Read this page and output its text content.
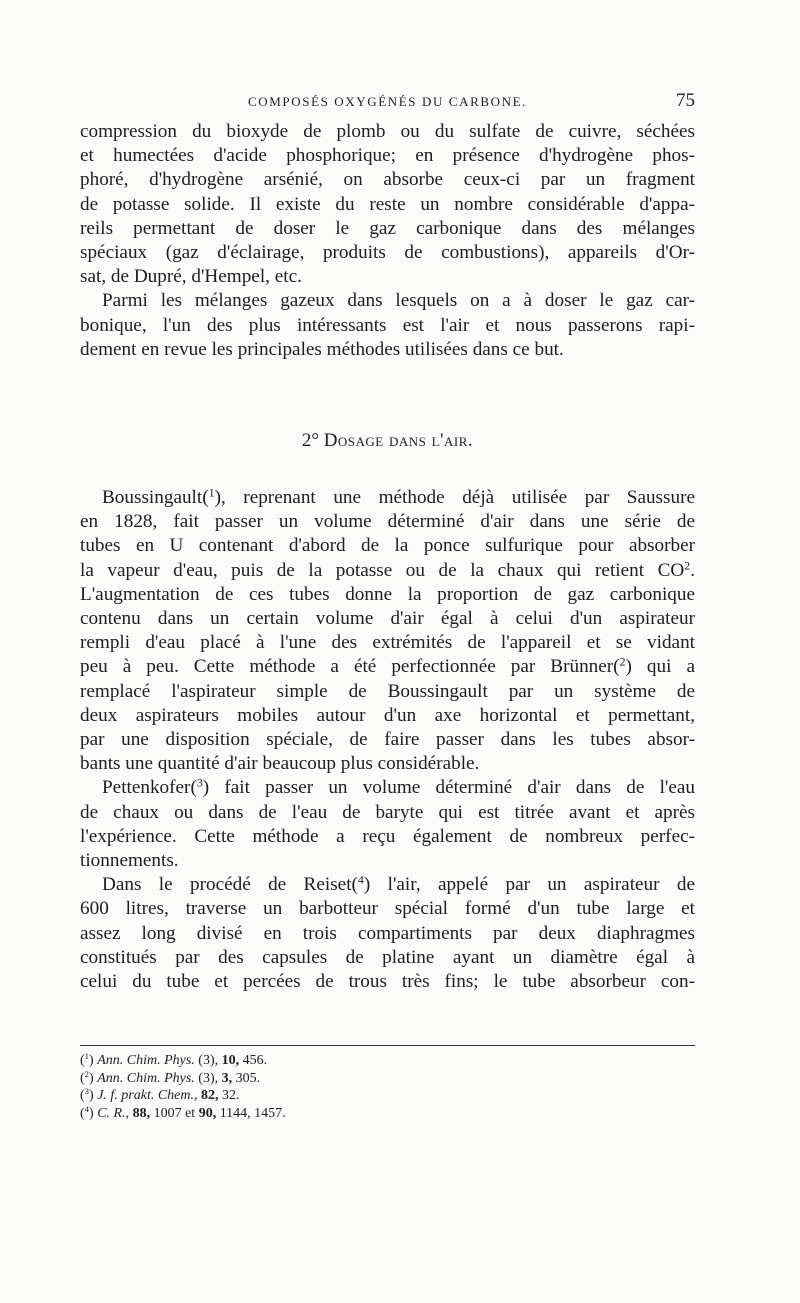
COMPOSÉS OXYGÉNÉS DU CARBONE.	75
compression du bioxyde de plomb ou du sulfate de cuivre, séchées
et humectées d'acide phosphorique; en présence d'hydrogène phos-
phoré, d'hydrogène arsénié, on absorbe ceux-ci par un fragment
de potasse solide. Il existe du reste un nombre considérable d'appa-
reils permettant de doser le gaz carbonique dans des mélanges
spéciaux (gaz d'éclairage, produits de combustions), appareils d'Or-
sat, de Dupré, d'Hempel, etc.
Parmi les mélanges gazeux dans lesquels on a à doser le gaz car-
bonique, l'un des plus intéressants est l'air et nous passerons rapi-
dement en revue les principales méthodes utilisées dans ce but.
2° Dosage dans l'air.
Boussingault($^1$), reprenant une méthode déjà utilisée par Saussure
en 1828, fait passer un volume déterminé d'air dans une série de
tubes en U contenant d'abord de la ponce sulfurique pour absorber
la vapeur d'eau, puis de la potasse ou de la chaux qui retient $CO^2$.
L'augmentation de ces tubes donne la proportion de gaz carbonique
contenu dans un certain volume d'air égal à celui d'un aspirateur
rempli d'eau placé à l'une des extrémités de l'appareil et se vidant
peu à peu. Cette méthode a été perfectionnée par Brünner($^2$) qui a
remplacé l'aspirateur simple de Boussingault par un système de
deux aspirateurs mobiles autour d'un axe horizontal et permettant,
par une disposition spéciale, de faire passer dans les tubes absor-
bants une quantité d'air beaucoup plus considérable.
Pettenkofer($^3$) fait passer un volume déterminé d'air dans de l'eau
de chaux ou dans de l'eau de baryte qui est titrée avant et après
l'expérience. Cette méthode a reçu également de nombreux perfec-
tionnements.
Dans le procédé de Reiset($^4$) l'air, appelé par un aspirateur de
600 litres, traverse un barbotteur spécial formé d'un tube large et
assez long divisé en trois compartiments par deux diaphragmes
constitués par des capsules de platine ayant un diamètre égal à
celui du tube et percées de trous très fins; le tube absorbeur con-
($^1$) Ann. Chim. Phys. (3), 10, 456.
($^2$) Ann. Chim. Phys. (3), 3, 305.
($^3$) J. f. prakt. Chem., 82, 32.
($^4$) C. R., 88, 1007 et 90, 1144, 1457.
